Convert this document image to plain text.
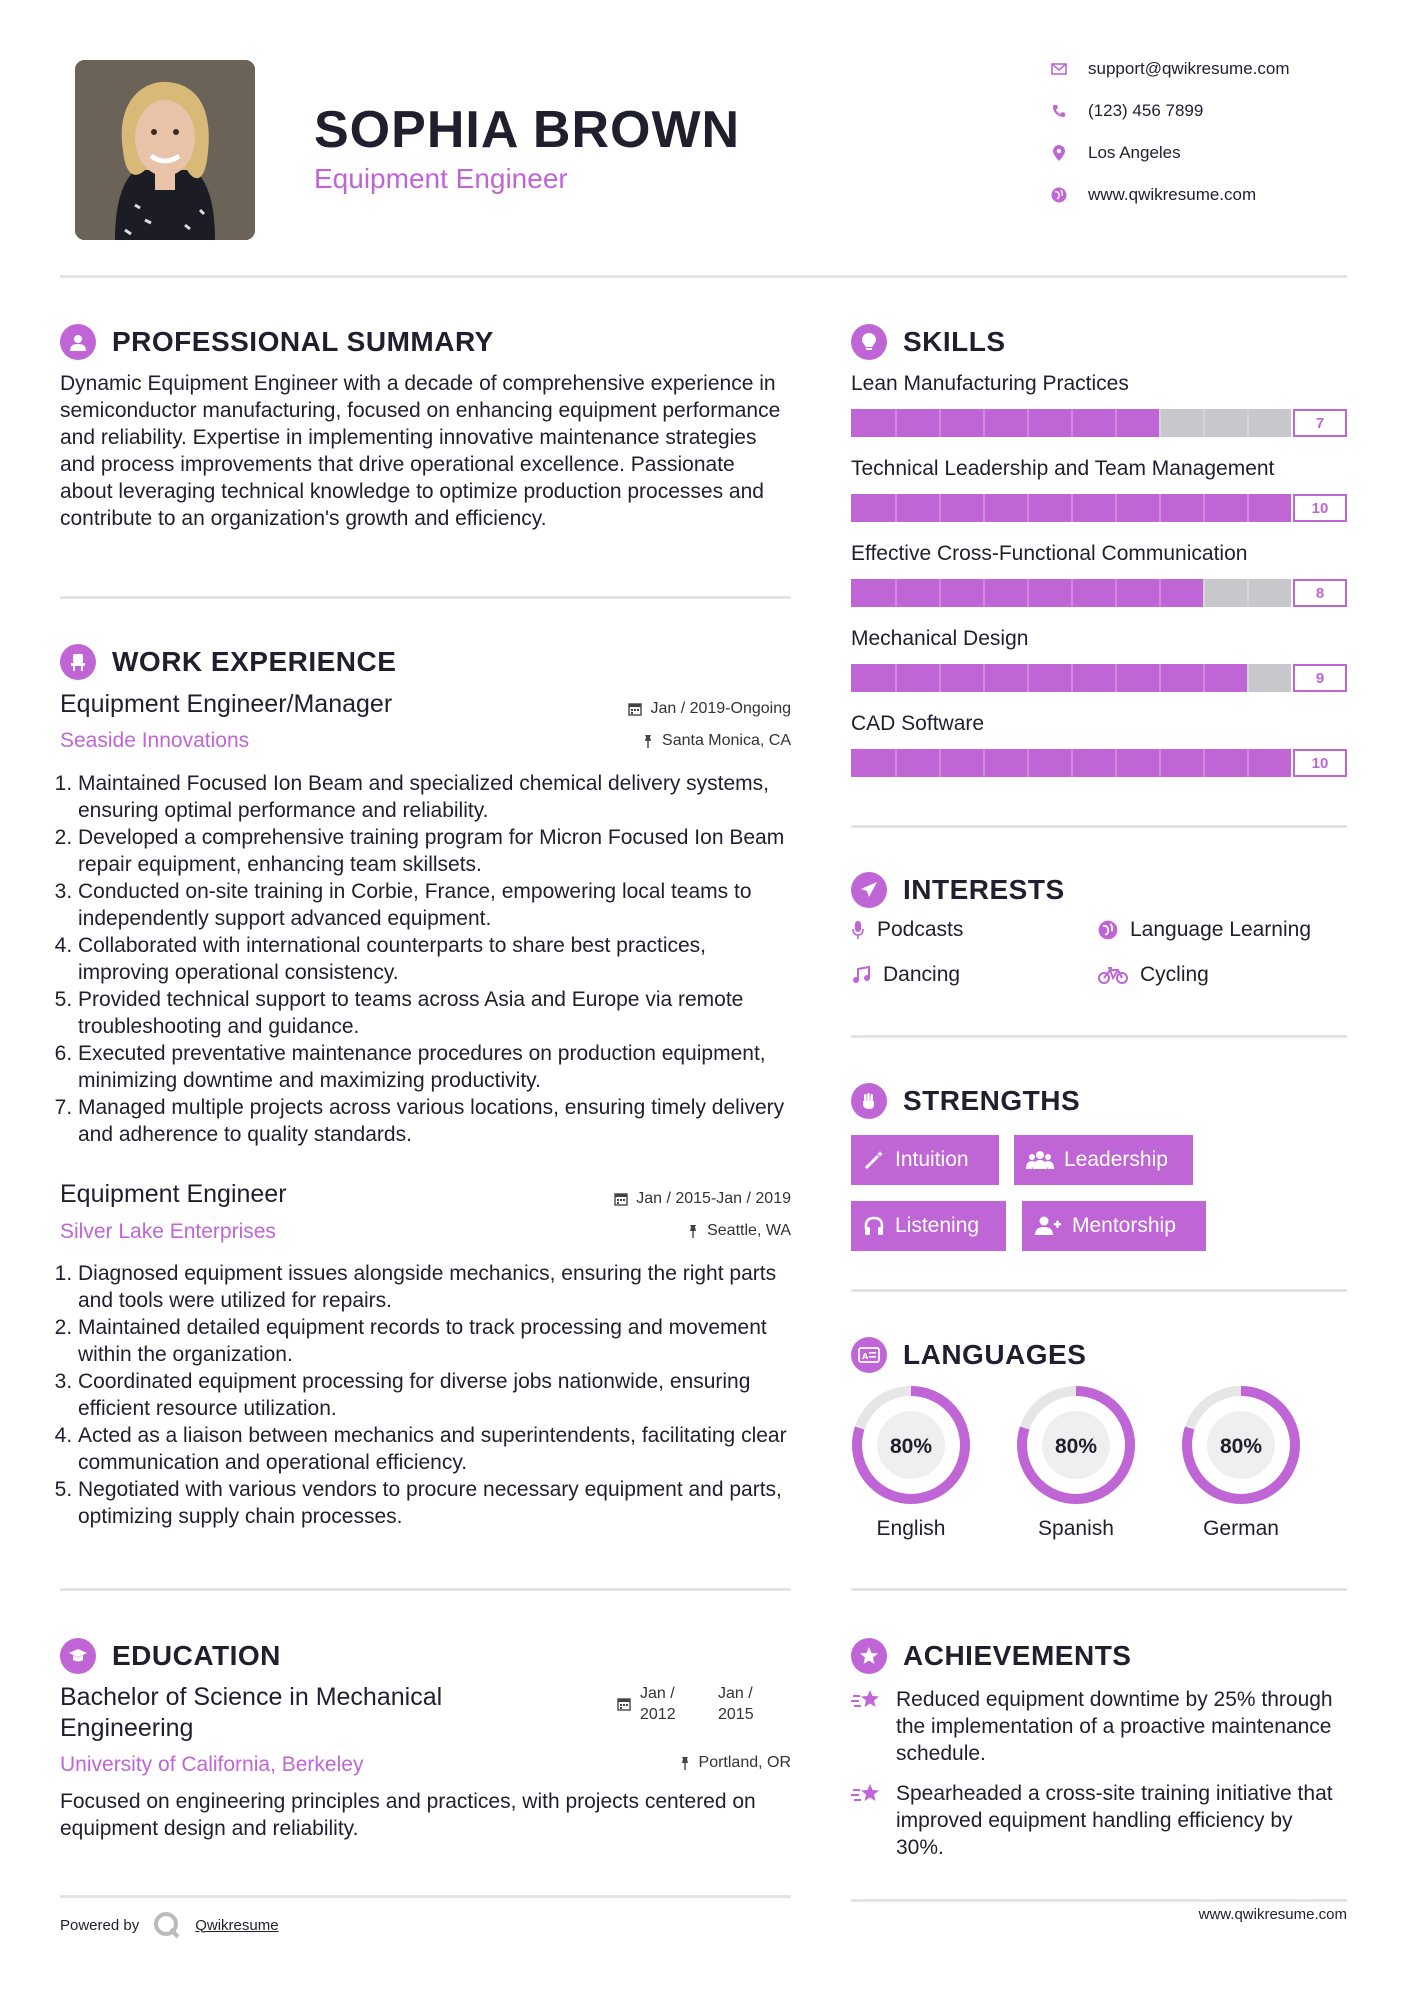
SOPHIA BROWN
Equipment Engineer
support@qwikresume.com
(123) 456 7899
Los Angeles
www.qwikresume.com
PROFESSIONAL SUMMARY
Dynamic Equipment Engineer with a decade of comprehensive experience in semiconductor manufacturing, focused on enhancing equipment performance and reliability. Expertise in implementing innovative maintenance strategies and process improvements that drive operational excellence. Passionate about leveraging technical knowledge to optimize production processes and contribute to an organization's growth and efficiency.
WORK EXPERIENCE
Equipment Engineer/Manager	Jan / 2019-Ongoing
Seaside Innovations	Santa Monica, CA
1. Maintained Focused Ion Beam and specialized chemical delivery systems, ensuring optimal performance and reliability.
2. Developed a comprehensive training program for Micron Focused Ion Beam repair equipment, enhancing team skillsets.
3. Conducted on-site training in Corbie, France, empowering local teams to independently support advanced equipment.
4. Collaborated with international counterparts to share best practices, improving operational consistency.
5. Provided technical support to teams across Asia and Europe via remote troubleshooting and guidance.
6. Executed preventative maintenance procedures on production equipment, minimizing downtime and maximizing productivity.
7. Managed multiple projects across various locations, ensuring timely delivery and adherence to quality standards.
Equipment Engineer	Jan / 2015-Jan / 2019
Silver Lake Enterprises	Seattle, WA
1. Diagnosed equipment issues alongside mechanics, ensuring the right parts and tools were utilized for repairs.
2. Maintained detailed equipment records to track processing and movement within the organization.
3. Coordinated equipment processing for diverse jobs nationwide, ensuring efficient resource utilization.
4. Acted as a liaison between mechanics and superintendents, facilitating clear communication and operational efficiency.
5. Negotiated with various vendors to procure necessary equipment and parts, optimizing supply chain processes.
EDUCATION
Bachelor of Science in Mechanical
Engineering
Jan /
2012
Jan /
2015
University of California, Berkeley	Portland, OR
Focused on engineering principles and practices, with projects centered on equipment design and reliability.
Powered by	Qwikresume
SKILLS
Lean Manufacturing Practices
7
Technical Leadership and Team Management
10
Effective Cross-Functional Communication
8
Mechanical Design
9
CAD Software
10
INTERESTS
Podcasts	Language Learning
Dancing	Cycling
STRENGTHS
Intuition	Leadership
Listening	Mentorship
A LANGUAGES
80%
English
80%
Spanish
80%
German
ACHIEVEMENTS
Reduced equipment downtime by 25% through the implementation of a proactive maintenance schedule.
Spearheaded a cross-site training initiative that improved equipment handling efficiency by 30%.
www.qwikresume.com
